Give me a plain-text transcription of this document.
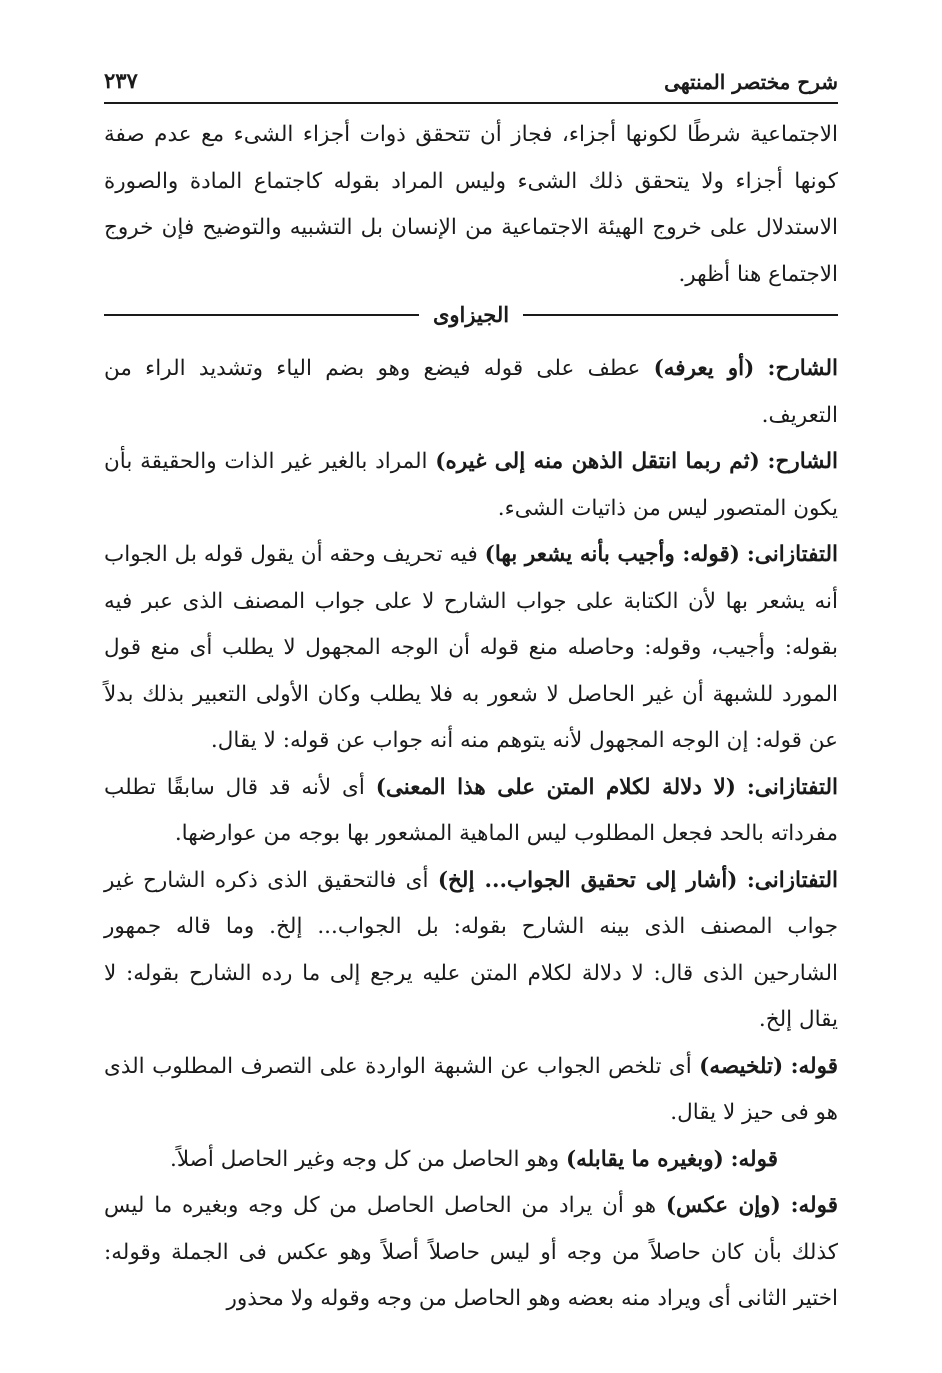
شرح مختصر المنتهى
٢٣٧

الاجتماعية شرطًا لكونها أجزاء، فجاز أن تتحقق ذوات أجزاء الشىء مع عدم صفة كونها أجزاء ولا يتحقق ذلك الشىء وليس المراد بقوله كاجتماع المادة والصورة الاستدلال على خروج الهيئة الاجتماعية من الإنسان بل التشبيه والتوضيح فإن خروج الاجتماع هنا أظهر.

الجيزاوى

الشارح: (أو يعرفه) عطف على قوله فيضع وهو بضم الياء وتشديد الراء من التعريف.

الشارح: (ثم ربما انتقل الذهن منه إلى غيره) المراد بالغير غير الذات والحقيقة بأن يكون المتصور ليس من ذاتيات الشىء.

التفتازانى: (قوله: وأجيب بأنه يشعر بها) فيه تحريف وحقه أن يقول قوله بل الجواب أنه يشعر بها لأن الكتابة على جواب الشارح لا على جواب المصنف الذى عبر فيه بقوله: وأجيب، وقوله: وحاصله منع قوله أن الوجه المجهول لا يطلب أى منع قول المورد للشبهة أن غير الحاصل لا شعور به فلا يطلب وكان الأولى التعبير بذلك بدلاً عن قوله: إن الوجه المجهول لأنه يتوهم منه أنه جواب عن قوله: لا يقال.

التفتازانى: (لا دلالة لكلام المتن على هذا المعنى) أى لأنه قد قال سابقًا تطلب مفرداته بالحد فجعل المطلوب ليس الماهية المشعور بها بوجه من عوارضها.

التفتازانى: (أشار إلى تحقيق الجواب... إلخ) أى فالتحقيق الذى ذكره الشارح غير جواب المصنف الذى بينه الشارح بقوله: بل الجواب... إلخ. وما قاله جمهور الشارحين الذى قال: لا دلالة لكلام المتن عليه يرجع إلى ما رده الشارح بقوله: لا يقال إلخ.

قوله: (تلخيصه) أى تلخص الجواب عن الشبهة الواردة على التصرف المطلوب الذى هو فى حيز لا يقال.

قوله: (وبغيره ما يقابله) وهو الحاصل من كل وجه وغير الحاصل أصلاً.

قوله: (وإن عكس) هو أن يراد من الحاصل الحاصل من كل وجه وبغيره ما ليس كذلك بأن كان حاصلاً من وجه أو ليس حاصلاً أصلاً وهو عكس فى الجملة وقوله: اختير الثانى أى ويراد منه بعضه وهو الحاصل من وجه وقوله ولا محذور
